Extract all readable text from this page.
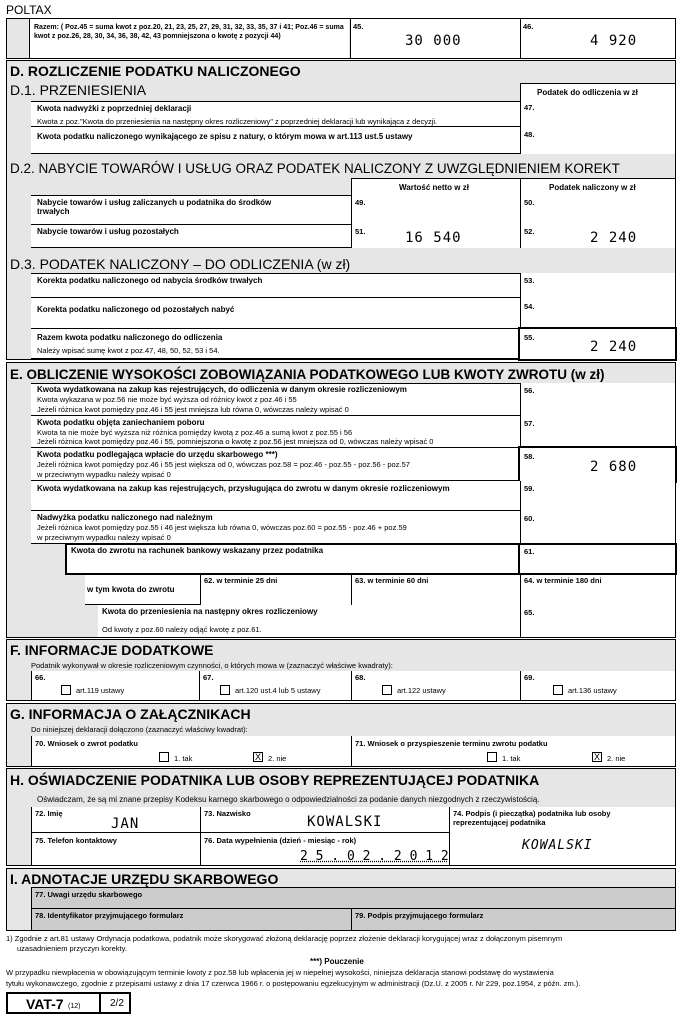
POLTAX
Razem: ( Poz.45 = suma kwot z poz.20, 21, 23, 25, 27, 29, 31, 32, 33, 35, 37 i 41; Poz.46 = suma kwot z poz.26, 28, 30, 34, 36, 38, 42, 43 pomniejszona o kwotę z pozycji 44)
45.
30 000
46.
4 920
D. ROZLICZENIE PODATKU NALICZONEGO
D.1. PRZENIESIENIA	Podatek do odliczenia w zł
Kwota nadwyżki z poprzedniej deklaracji
Kwota z poz."Kwota do przeniesienia na następny okres rozliczeniowy" z poprzedniej deklaracji lub wynikająca z decyzji.
47.
Kwota podatku naliczonego wynikającego ze spisu z natury, o którym mowa w art.113 ust.5 ustawy	48.
D.2. NABYCIE TOWARÓW I USŁUG ORAZ PODATEK NALICZONY Z UWZGLĘDNIENIEM KOREKT
Wartość netto w zł	Podatek naliczony w zł
Nabycie towarów i usług zaliczanych u podatnika do środków trwałych
49.	50.
Nabycie towarów i usług pozostałych	51.	16 540	52.	2 240
D.3. PODATEK NALICZONY – DO ODLICZENIA (w zł)
Korekta podatku naliczonego od nabycia środków trwałych	53.
Korekta podatku naliczonego od pozostałych nabyć	54.
Razem kwota podatku naliczonego do odliczenia
Należy wpisać sumę kwot z poz.47, 48, 50, 52, 53 i 54.
55.
2 240
E. OBLICZENIE WYSOKOŚCI ZOBOWIĄZANIA PODATKOWEGO LUB KWOTY ZWROTU (w zł)
Kwota wydatkowana na zakup kas rejestrujących, do odliczenia w danym okresie rozliczeniowym
Kwota wykazana w poz.56 nie może być wyższa od różnicy kwot z poz.46 i 55
Jeżeli różnica kwot pomiędzy poz.46 i 55 jest mniejsza lub równa 0, wówczas należy wpisać 0
56.
Kwota podatku objęta zaniechaniem poboru
Kwota ta nie może być wyższa niż różnica pomiędzy kwotą z poz.46 a sumą kwot z poz.55 i 56
Jeżeli różnica kwot pomiędzy poz.46 i 55, pomniejszona o kwotę z poz.56 jest mniejsza od 0, wówczas należy wpisać 0
57.
Kwota podatku podlegająca wpłacie do urzędu skarbowego ***)
Jeżeli różnica kwot pomiędzy poz.46 i 55 jest większa od 0, wówczas poz.58 = poz.46 - poz.55 - poz.56 - poz.57
w przeciwnym wypadku należy wpisać 0
58.
2 680
Kwota wydatkowana na zakup kas rejestrujących, przysługująca do zwrotu w danym okresie rozliczeniowym	59.
Nadwyżka podatku naliczonego nad należnym
Jeżeli różnica kwot pomiędzy poz.55 i 46 jest większa lub równa 0, wówczas poz.60 = poz.55 - poz.46 + poz.59
w przeciwnym wypadku należy wpisać 0
60.
Kwota do zwrotu na rachunek bankowy wskazany przez podatnika	61.
w tym kwota do zwrotu
62. w terminie 25 dni	63. w terminie 60 dni	64. w terminie 180 dni
Kwota do przeniesienia na następny okres rozliczeniowy
Od kwoty z poz.60 należy odjąć kwotę z poz.61.
65.
F. INFORMACJE DODATKOWE
Podatnik wykonywał w okresie rozliczeniowym czynności, o których mowa w (zaznaczyć właściwe kwadraty):
66.
art.119 ustawy
67.
art.120 ust.4 lub 5 ustawy
68.
art.122 ustawy
69.
art.136 ustawy
G. INFORMACJA O ZAŁĄCZNIKACH
Do niniejszej deklaracji dołączono (zaznaczyć właściwy kwadrat):
70. Wniosek o zwrot podatku
1. tak	X 2. nie
71. Wniosek o przyspieszenie terminu zwrotu podatku
1. tak	X 2. nie
H. OŚWIADCZENIE PODATNIKA LUB OSOBY REPREZENTUJĄCEJ PODATNIKA
Oświadczam, że są mi znane przepisy Kodeksu karnego skarbowego o odpowiedzialności za podanie danych niezgodnych z rzeczywistością.
72. Imię
JAN
73. Nazwisko
KOWALSKI
74. Podpis (i pieczątka) podatnika lub osoby reprezentującej podatnika
KOWALSKI
75. Telefon kontaktowy	76. Data wypełnienia (dzień - miesiąc - rok)
2 5 . 0 2 . 2 0 1 2
I. ADNOTACJE URZĘDU SKARBOWEGO
77. Uwagi urzędu skarbowego
78. Identyfikator przyjmującego formularz	79. Podpis przyjmującego formularz
1) Zgodnie z art.81 ustawy Ordynacja podatkowa, podatnik może skorygować złożoną deklarację poprzez złożenie deklaracji korygującej wraz z dołączonym pisemnym
uzasadnieniem przyczyn korekty.
***) Pouczenie
W przypadku niewpłacenia w obowiązującym terminie kwoty z poz.58 lub wpłacenia jej w niepełnej wysokości, niniejsza deklaracja stanowi podstawę do wystawienia
tytułu wykonawczego, zgodnie z przepisami ustawy z dnia 17 czerwca 1966 r. o postępowaniu egzekucyjnym w administracji (Dz.U. z 2005 r. Nr 229, poz.1954, z późn. zm.).
VAT-7 (12)	2/2
